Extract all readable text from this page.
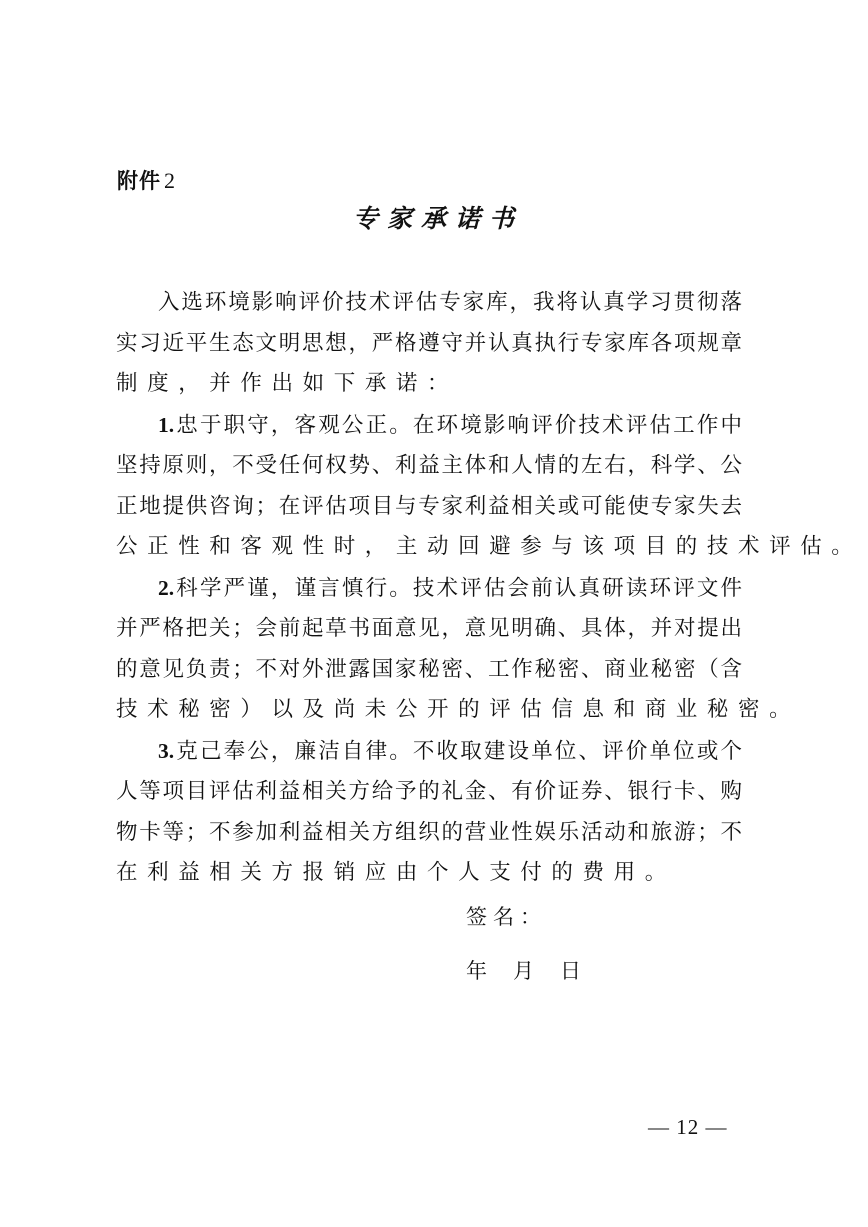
附件 2
专家承诺书

入选环境影响评价技术评估专家库，我将认真学习贯彻落
实习近平生态文明思想，严格遵守并认真执行专家库各项规章
制度，并作出如下承诺：

1.忠于职守，客观公正。在环境影响评价技术评估工作中
坚持原则，不受任何权势、利益主体和人情的左右，科学、公
正地提供咨询；在评估项目与专家利益相关或可能使专家失去
公正性和客观性时，主动回避参与该项目的技术评估。

2.科学严谨，谨言慎行。技术评估会前认真研读环评文件
并严格把关；会前起草书面意见，意见明确、具体，并对提出
的意见负责；不对外泄露国家秘密、工作秘密、商业秘密（含
技术秘密）以及尚未公开的评估信息和商业秘密。

3.克己奉公，廉洁自律。不收取建设单位、评价单位或个
人等项目评估利益相关方给予的礼金、有价证券、银行卡、购
物卡等；不参加利益相关方组织的营业性娱乐活动和旅游；不
在利益相关方报销应由个人支付的费用。

签名：
年 月 日
— 12 —
